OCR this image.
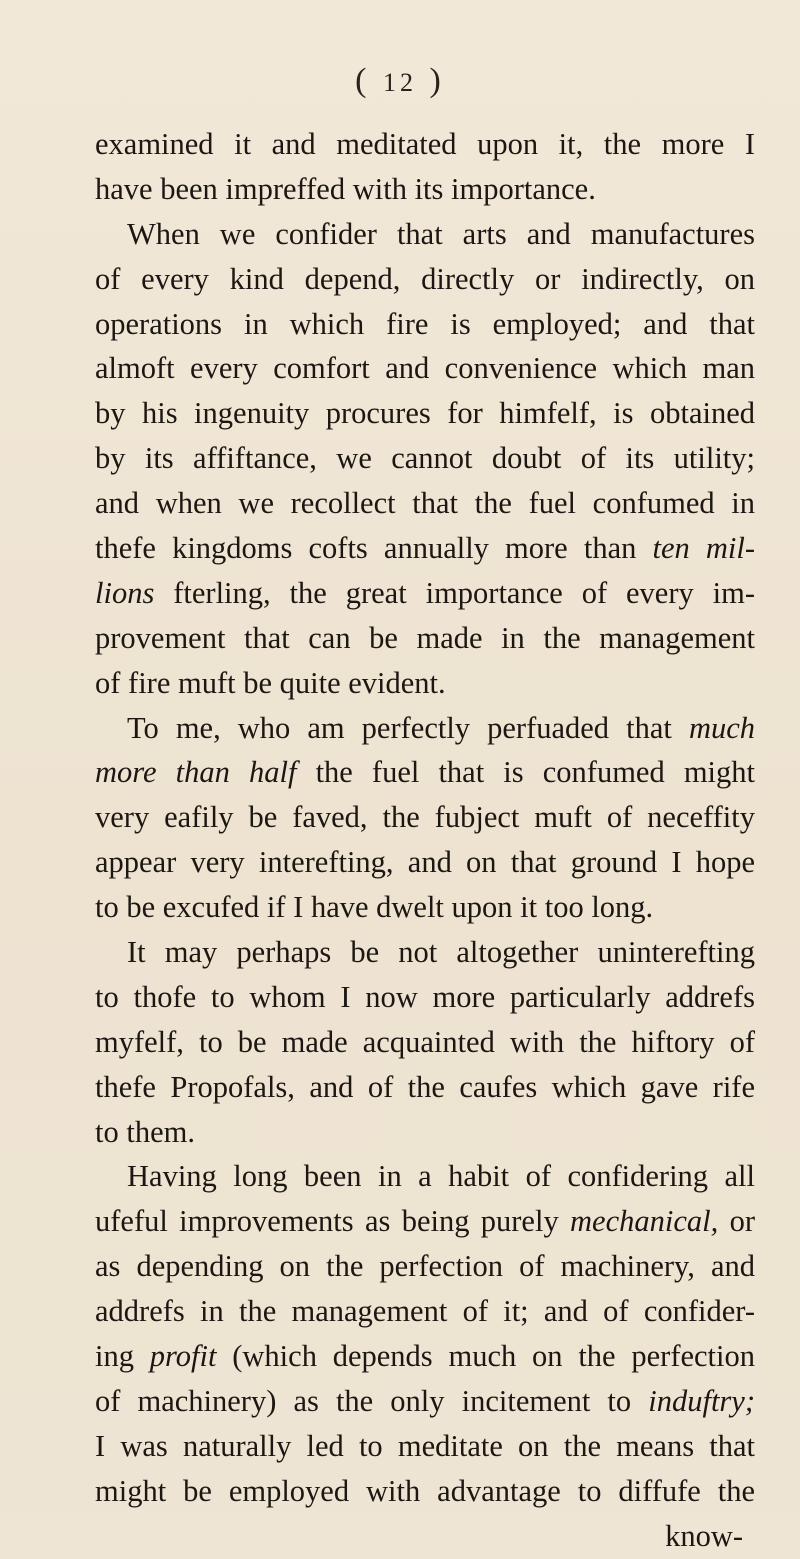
( 12 )
examined it and meditated upon it, the more I
have been impreffed with its importance.
When we confider that arts and manufactures
of every kind depend, directly or indirectly, on
operations in which fire is employed; and that
almoft every comfort and convenience which man
by his ingenuity procures for himfelf, is obtained
by its affiftance, we cannot doubt of its utility;
and when we recollect that the fuel confumed in
thefe kingdoms cofts annually more than ten mil-
lions fterling, the great importance of every im-
provement that can be made in the management
of fire muft be quite evident.
To me, who am perfectly perfuaded that much
more than half the fuel that is confumed might
very eafily be faved, the fubject muft of neceffity
appear very interefting, and on that ground I hope
to be excufed if I have dwelt upon it too long.
It may perhaps be not altogether uninterefting
to thofe to whom I now more particularly addrefs
myfelf, to be made acquainted with the hiftory of
thefe Propofals, and of the caufes which gave rife
to them.
Having long been in a habit of confidering all
ufeful improvements as being purely mechanical, or
as depending on the perfection of machinery, and
addrefs in the management of it; and of confider-
ing profit (which depends much on the perfection
of machinery) as the only incitement to induftry;
I was naturally led to meditate on the means that
might be employed with advantage to diffufe the
know-
